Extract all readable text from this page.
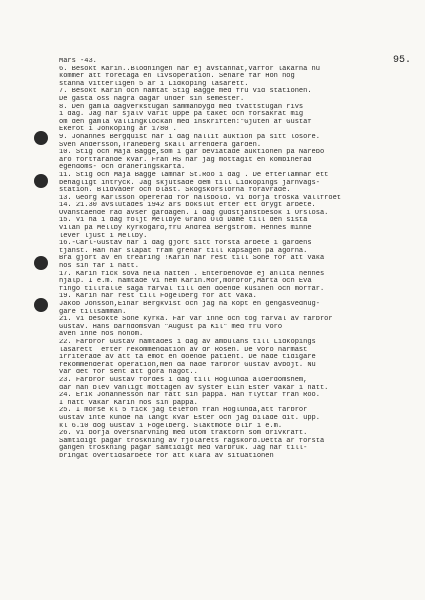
95.
Mars -43.
6. Besökt Karin..Blödningen har ej avstannat,varför läkarna nu
kommer att företaga en livsoperation. Senare får Hon nog
stanna vitterligen 5 år i Lidköping lasarett.
7. Besökt Karin och hämtat Stig Bagge med fru vid stationen.
De gästa oss några dagar under sin semester.
8. Den gamla dagverkstugan sammanbygd med tvättstugan rivs
i dag. Jag har själv varit uppe på taket och försäkrat mig
om den gamla vällingklockan med inskriften:"Gjuten af Gustaf
Ekerot i Jönköping år 1780 .
9. Johannes Bergquist har i dag hållit auktion på sitt lösöre.
Sven Andersson,Traneberg skall arrendera gården.
10. Stig och Maja Bagge,som i går beviatade auktionen på Närebo
äro fortfarande kvar. Från HS har jag mottagit en kombinerad
egendoms- och dräneringskarta.
11. Stig och Maja Bagge lämnar St.Roo i dag . De efterlämnar ett
behagligt intryck. Jag skjutsade dem till Lidköpings järnvägs-
station. Blidväder och blåst. Skogskörslorna förävrade.
13. Georg Karlsson opererad för halsböld. Vi börja tröska vallfröet
14. 21.30 avslutades 1942 års bokslut efter ett drygt arbete.
Ovanstående rad avser gårdagen. I dag gudstjänstbesök i Örslösa.
15. Vi ha i dag följt Mellbye Grand Old Dame till den sista
vilan på Mellby kyrkogård,fru Andrea Bergström. Hennes minne
lever ljust i Mellby.
16.-Carl-Gustav har i dag gjort sitt första arbete i gårdens
tjänst. Han har släpat fram grenar till kapsågen på ägorna.
Bra gjort av en treåring !Karin har rest till Söne för att vaka
hos sin far i natt.
17. Karin fick sova hela natten . Enterbehövde ej anlita hennes
hjälp. I e.m. hämtade vi hem Karin.Mor,morbror,Märta och Eva
fingo tillfälle säga farväl till den döende kusinen och morfar.
19. Karin har rest till Fogelberg för att vaka.
Jakob Jonsson,Einar Bergkvist och jag ha köpt en gengasvedhug-
gare tillsamman.
21. Vi besökte Söne kyrka. Far var inne och tog farväl av farbror
Gustav. Hans barndomsvån "August på Kil" med fru voro
även inne hos honom.
22. Farbror Gustav hämtades i dag av ambulans till Lidköpings
lasarett  efter rekommendation av dr Rosén. De voro närmast
irriterade av att ta emot en döende patient. De hade tidigare
rekommenderat operation,men då hade farbror Gustav avböjt. Nu
var det för sent att göra något..
23. Farbror Gustav fördes i dag till Höglunda ålderdomshem,
där han blev vänligt mottagen av syster Elin Ester vakar i natt.
24. Erik Johannesson har fått sin pappa. Han flyttar från Roo.
I natt vakar Karin hos sin pappa.
25. I morse kl 5 fick jag telefon från Höglunda,att farbror
Gustav inte kunde ha långt kvar Ester och jag bilade dit. upp.
kl 6.10 dog Gustav i Fogelberg. Släktmöte blir i e.m.
26. Vi börja översnarvning med utom traktorn som drivkraft.
Samtidigt pågår tröskning av fjolårets rågskörd.Detta är första
gången tröskning pågår samtidigt med vårbruk. Jag har till-
bringat övertidsarbete för att klara av situationen
